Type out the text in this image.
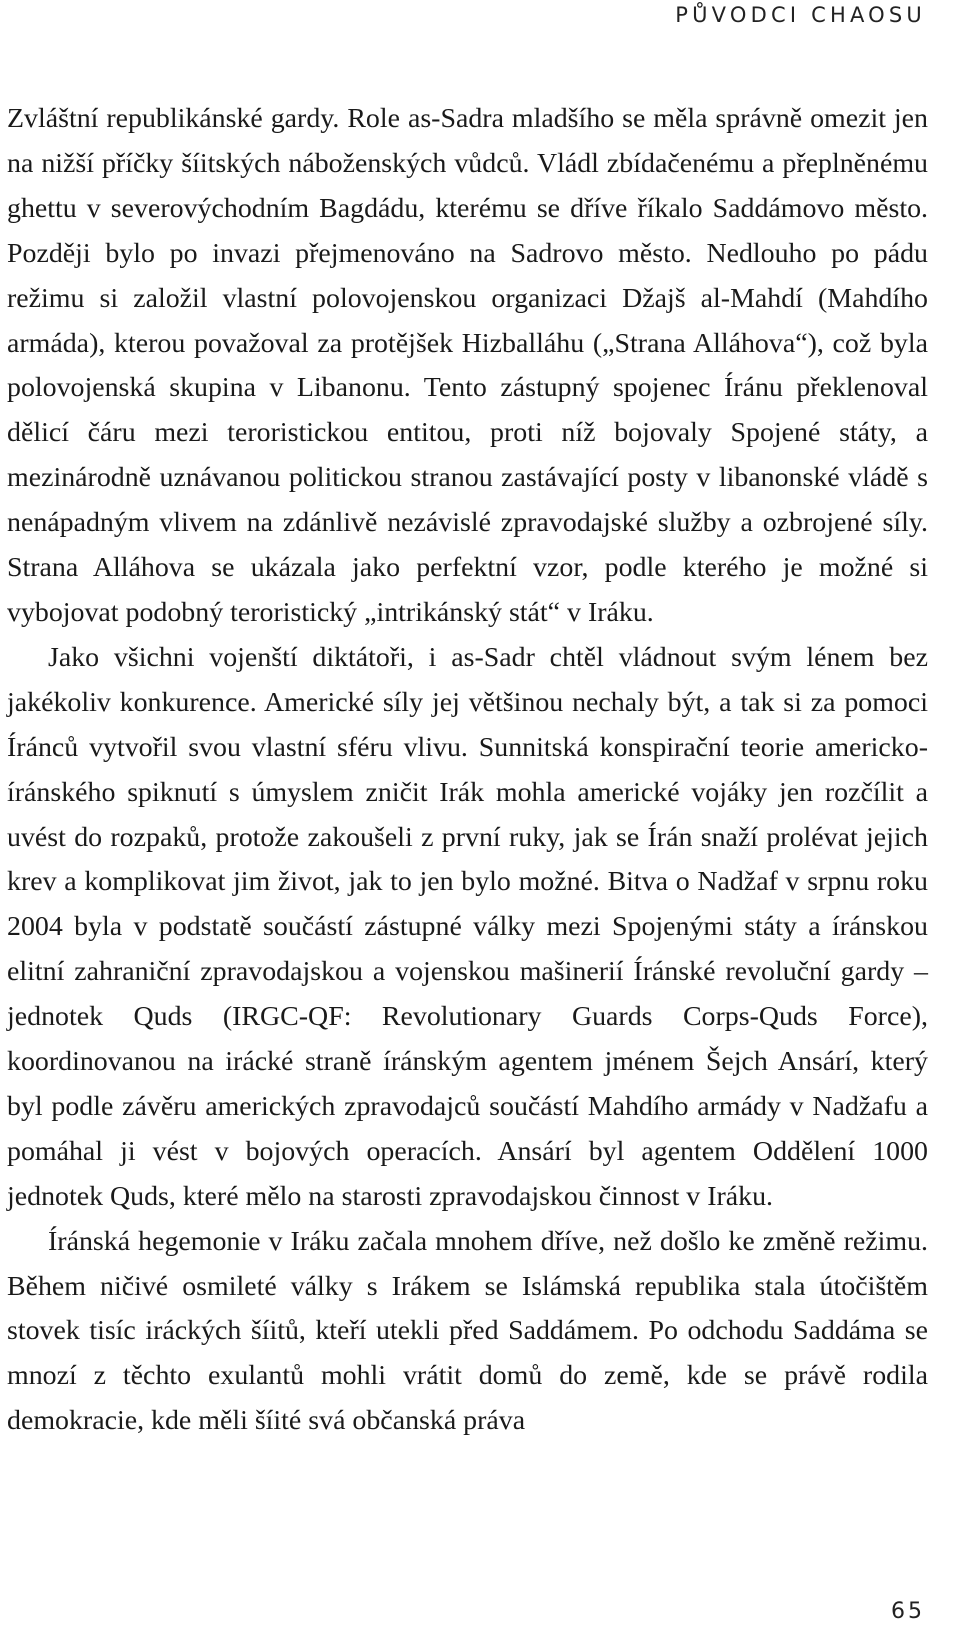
PŮVODCI CHAOSU

Zvláštní republikánské gardy. Role as-Sadra mladšího se měla správně omezit jen na nižší příčky šíitských náboženských vůdců. Vládl zbídačenému a přeplněnému ghettu v severovýchodním Bagdádu, kterému se dříve říkalo Saddámovo město. Později bylo po invazi přejmenováno na Sadrovo město. Nedlouho po pádu režimu si založil vlastní polovojenskou organizaci Džajš al-Mahdí (Mahdího armáda), kterou považoval za protějšek Hizballáhu („Strana Alláhova“), což byla polovojenská skupina v Libanonu. Tento zástupný spojenec Íránu překlenoval dělicí čáru mezi teroristickou entitou, proti níž bojovaly Spojené státy, a mezinárodně uznávanou politickou stranou zastávající posty v libanonské vládě s nenápadným vlivem na zdánlivě nezávislé zpravodajské služby a ozbrojené síly. Strana Alláhova se ukázala jako perfektní vzor, podle kterého je možné si vybojovat podobný teroristický „intrikánský stát“ v Iráku.

Jako všichni vojenští diktátoři, i as-Sadr chtěl vládnout svým lénem bez jakékoliv konkurence. Americké síly jej většinou nechaly být, a tak si za pomoci Íránců vytvořil svou vlastní sféru vlivu. Sunnitská konspirační teorie americko-íránského spiknutí s úmyslem zničit Irák mohla americké vojáky jen rozčílit a uvést do rozpaků, protože zakoušeli z první ruky, jak se Írán snaží prolévat jejich krev a komplikovat jim život, jak to jen bylo možné. Bitva o Nadžaf v srpnu roku 2004 byla v podstatě součástí zástupné války mezi Spojenými státy a íránskou elitní zahraniční zpravodajskou a vojenskou mašinerií Íránské revoluční gardy – jednotek Quds (IRGC-QF: Revolutionary Guards Corps-Quds Force), koordinovanou na irácké straně íránským agentem jménem Šejch Ansárí, který byl podle závěru amerických zpravodajců součástí Mahdího armády v Nadžafu a pomáhal ji vést v bojových operacích. Ansárí byl agentem Oddělení 1000 jednotek Quds, které mělo na starosti zpravodajskou činnost v Iráku.

Íránská hegemonie v Iráku začala mnohem dříve, než došlo ke změně režimu. Během ničivé osmileté války s Irákem se Islámská republika stala útočištěm stovek tisíc iráckých šíitů, kteří utekli před Saddámem. Po odchodu Saddáma se mnozí z těchto exulantů mohli vrátit domů do země, kde se právě rodila demokracie, kde měli šíité svá občanská práva

65
